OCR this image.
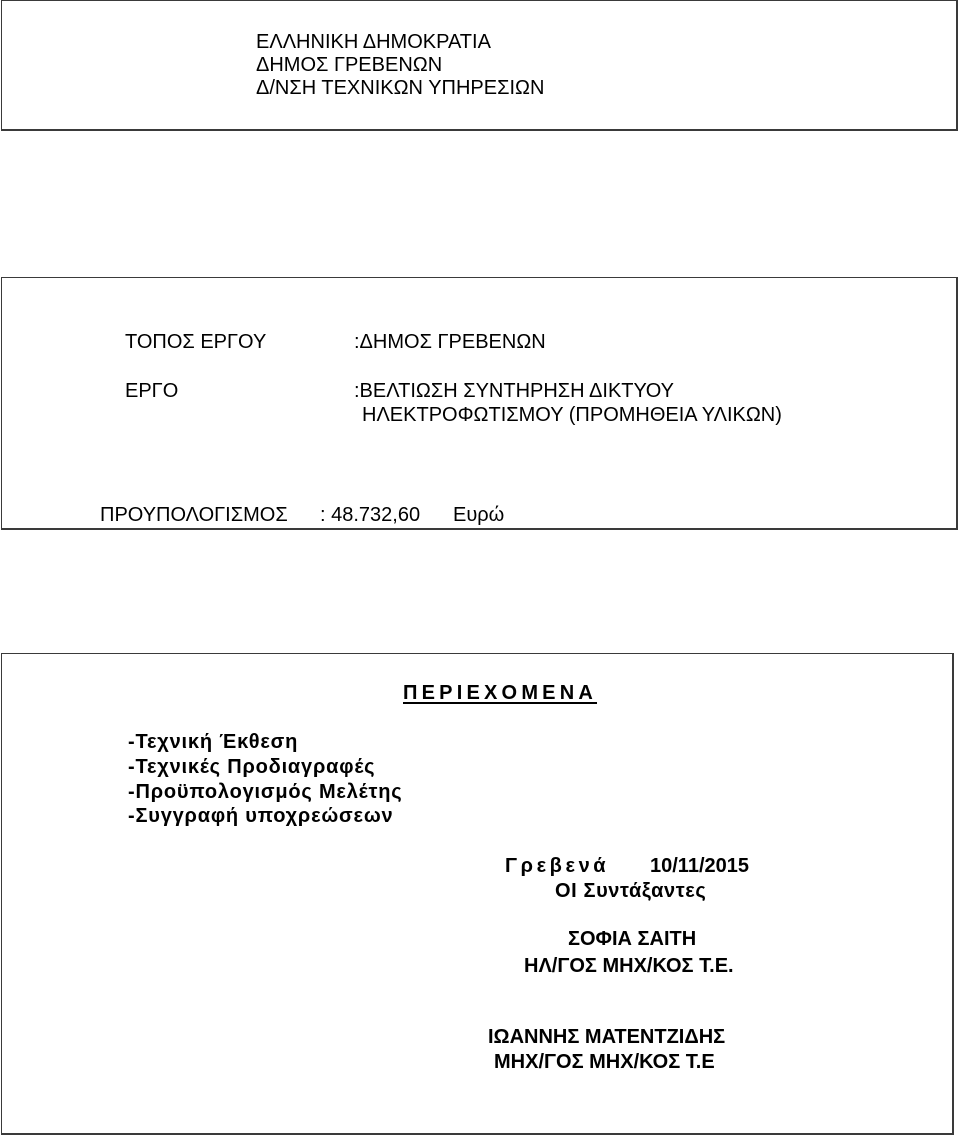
ΕΛΛΗΝΙΚΗ ΔΗΜΟΚΡΑΤΙΑ
ΔΗΜΟΣ ΓΡΕΒΕΝΩΝ
Δ/ΝΣΗ ΤΕΧΝΙΚΩΝ ΥΠΗΡΕΣΙΩΝ
ΤΟΠΟΣ ΕΡΓΟΥ	:ΔΗΜΟΣ ΓΡΕΒΕΝΩΝ
ΕΡΓΟ	:ΒΕΛΤΙΩΣΗ ΣΥΝΤΗΡΗΣΗ ΔΙΚΤΥΟΥ
ΗΛΕΚΤΡΟΦΩΤΙΣΜΟΥ (ΠΡΟΜΗΘΕΙΑ ΥΛΙΚΩΝ)
ΠΡΟΥΠΟΛΟΓΙΣΜΟΣ : 48.732,60 Ευρώ
ΠΕΡΙΕΧΟΜΕΝΑ
-Τεχνική Έκθεση
-Τεχνικές Προδιαγραφές
-Προϋπολογισμός Μελέτης
-Συγγραφή υποχρεώσεων
Γρεβενά 10/11/2015
ΟΙ Συντάξαντες
ΣΟΦΙΑ ΣΑΙΤΗ
ΗΛ/ΓΟΣ ΜΗΧ/ΚΟΣ Τ.Ε.
ΙΩΑΝΝΗΣ ΜΑΤΕΝΤΖΙΔΗΣ
ΜΗΧ/ΓΟΣ ΜΗΧ/ΚΟΣ Τ.Ε
